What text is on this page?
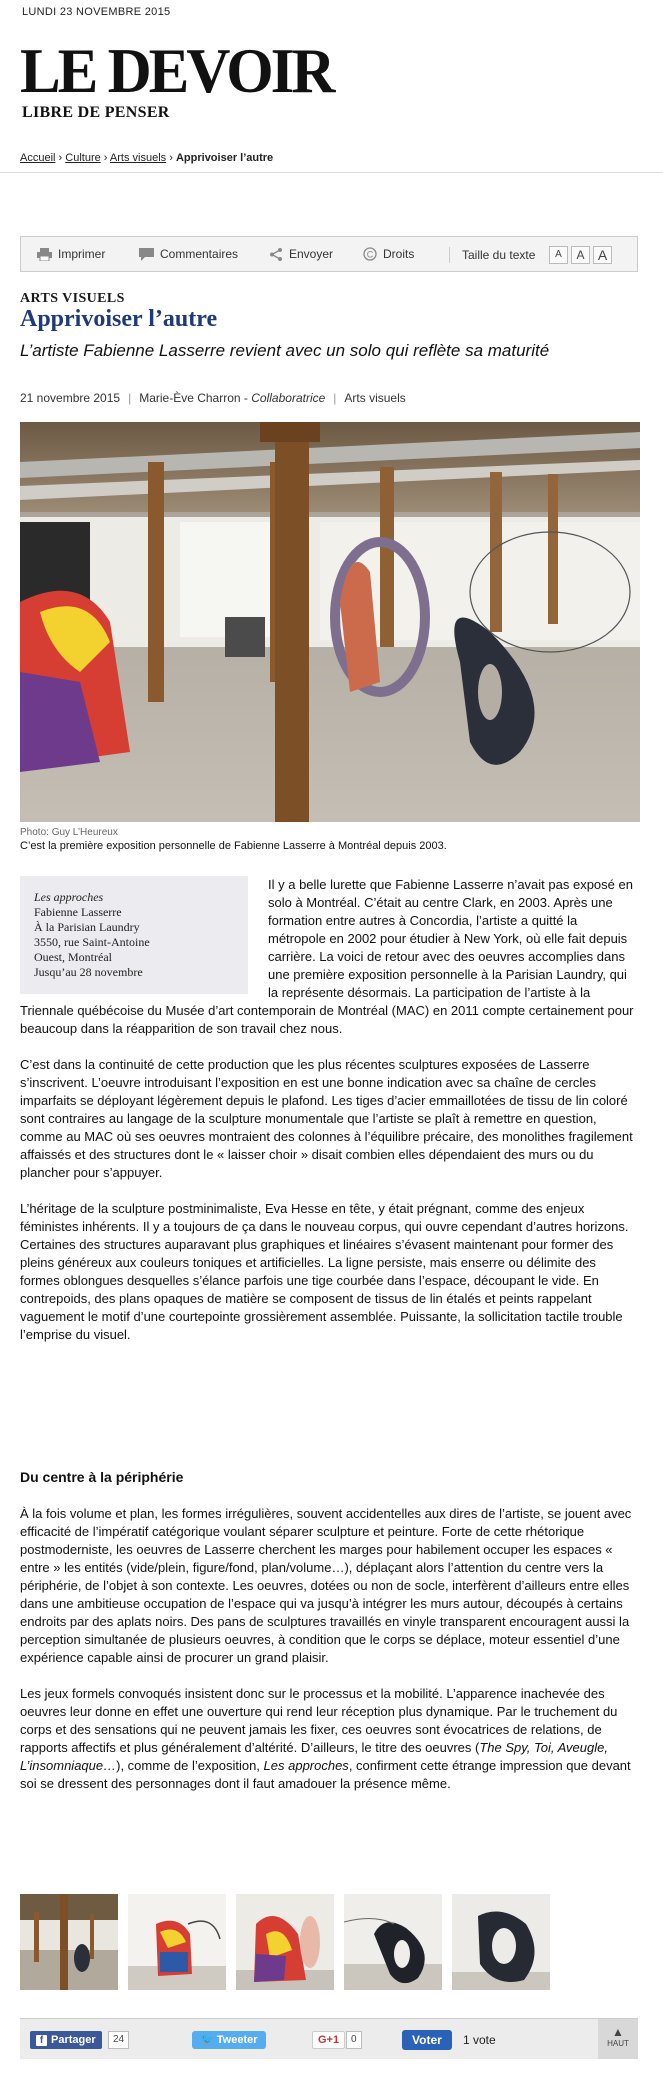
LUNDI 23 NOVEMBRE 2015
LE DEVOIR
LIBRE DE PENSER
Accueil › Culture › Arts visuels › Apprivoiser l’autre
Imprimer	Commentaires	Envoyer	C Droits	Taille du texte	A	A A
ARTS VISUELS
Apprivoiser l’autre
L’artiste Fabienne Lasserre revient avec un solo qui reflète sa maturité
21 novembre 2015 | Marie-Ève Charron - Collaboratrice | Arts visuels
Photo: Guy L’Heureux
C’est la première exposition personnelle de Fabienne Lasserre à Montréal depuis 2003.
Les approches
Fabienne Lasserre
À la Parisian Laundry
3550, rue Saint-Antoine
Ouest, Montréal
Jusqu’au 28 novembre

Il y a belle lurette que Fabienne Lasserre n’avait pas exposé en solo à Montréal. C’était au centre Clark, en 2003. Après une formation entre autres à Concordia, l’artiste a quitté la métropole en 2002 pour étudier à New York, où elle fait depuis carrière. La voici de retour avec des oeuvres accomplies dans une première exposition personnelle à la Parisian Laundry, qui la représente désormais. La participation de l’artiste à la Triennale québécoise du Musée d’art contemporain de Montréal (MAC) en 2011 compte certainement pour beaucoup dans la réapparition de son travail chez nous.

C’est dans la continuité de cette production que les plus récentes sculptures exposées de Lasserre s’inscrivent. L’oeuvre introduisant l’exposition en est une bonne indication avec sa chaîne de cercles imparfaits se déployant légèrement depuis le plafond. Les tiges d’acier emmaillotées de tissu de lin coloré sont contraires au langage de la sculpture monumentale que l’artiste se plaît à remettre en question, comme au MAC où ses oeuvres montraient des colonnes à l’équilibre précaire, des monolithes fragilement affaissés et des structures dont le « laisser choir » disait combien elles dépendaient des murs ou du plancher pour s’appuyer.

L’héritage de la sculpture postminimaliste, Eva Hesse en tête, y était prégnant, comme des enjeux féministes inhérents. Il y a toujours de ça dans le nouveau corpus, qui ouvre cependant d’autres horizons. Certaines des structures auparavant plus graphiques et linéaires s’évasent maintenant pour former des pleins généreux aux couleurs toniques et artificielles. La ligne persiste, mais enserre ou délimite des formes oblongues desquelles s’élance parfois une tige courbée dans l’espace, découpant le vide. En contrepoids, des plans opaques de matière se composent de tissus de lin étalés et peints rappelant vaguement le motif d’une courtepointe grossièrement assemblée. Puissante, la sollicitation tactile trouble l’emprise du visuel.

Du centre à la périphérie

À la fois volume et plan, les formes irrégulières, souvent accidentelles aux dires de l’artiste, se jouent avec efficacité de l’impératif catégorique voulant séparer sculpture et peinture. Forte de cette rhétorique postmoderniste, les oeuvres de Lasserre cherchent les marges pour habilement occuper les espaces « entre » les entités (vide/plein, figure/fond, plan/volume…), déplaçant alors l’attention du centre vers la périphérie, de l’objet à son contexte. Les oeuvres, dotées ou non de socle, interfèrent d’ailleurs entre elles dans une ambitieuse occupation de l’espace qui va jusqu’à intégrer les murs autour, découpés à certains endroits par des aplats noirs. Des pans de sculptures travaillés en vinyle transparent encouragent aussi la perception simultanée de plusieurs oeuvres, à condition que le corps se déplace, moteur essentiel d’une expérience capable ainsi de procurer un grand plaisir.

Les jeux formels convoqués insistent donc sur le processus et la mobilité. L’apparence inachevée des oeuvres leur donne en effet une ouverture qui rend leur réception plus dynamique. Par le truchement du corps et des sensations qui ne peuvent jamais les fixer, ces oeuvres sont évocatrices de relations, de rapports affectifs et plus généralement d’altérité. D’ailleurs, le titre des oeuvres (The Spy, Toi, Aveugle, L’insomniaque…), comme de l’exposition, Les approches, confirment cette étrange impression que devant soi se dressent des personnages dont il faut amadouer la présence même.

f Partager	24	🐦 Tweeter	G+1	0	Voter	1 vote
▲
HAUT
